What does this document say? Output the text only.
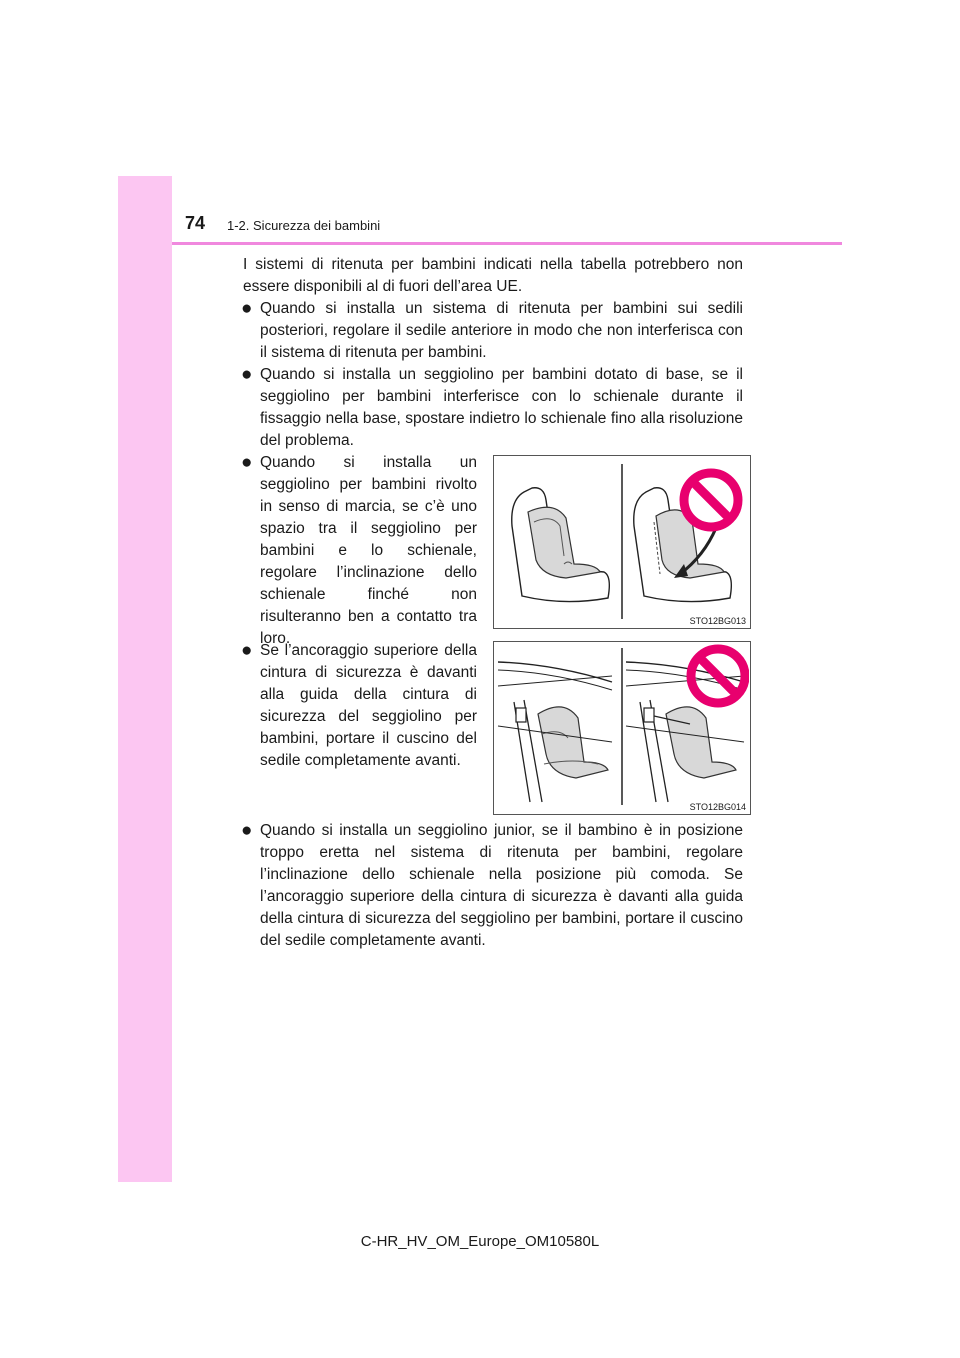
74 1-2. Sicurezza dei bambini

I sistemi di ritenuta per bambini indicati nella tabella potrebbero non essere disponibili al di fuori dell’area UE.

● Quando si installa un sistema di ritenuta per bambini sui sedili posteriori, regolare il sedile anteriore in modo che non interferisca con il sistema di ritenuta per bambini.

● Quando si installa un seggiolino per bambini dotato di base, se il seggiolino per bambini interferisce con lo schienale durante il fissaggio nella base, spostare indietro lo schienale fino alla risoluzione del problema.

● Quando si installa un seggiolino per bambini rivolto in senso di marcia, se c’è uno spazio tra il seggiolino per bambini e lo schienale, regolare l’inclinazione dello schienale finché non risulteranno ben a contatto tra loro.

● Se l’ancoraggio superiore della cintura di sicurezza è davanti alla guida della cintura di sicurezza del seggiolino per bambini, portare il cuscino del sedile completamente avanti.

● Quando si installa un seggiolino junior, se il bambino è in posizione troppo eretta nel sistema di ritenuta per bambini, regolare l’inclinazione dello schienale nella posizione più comoda. Se l’ancoraggio superiore della cintura di sicurezza è davanti alla guida della cintura di sicurezza del seggiolino per bambini, portare il cuscino del sedile completamente avanti.

STO12BG013
STO12BG014
C-HR_HV_OM_Europe_OM10580L
